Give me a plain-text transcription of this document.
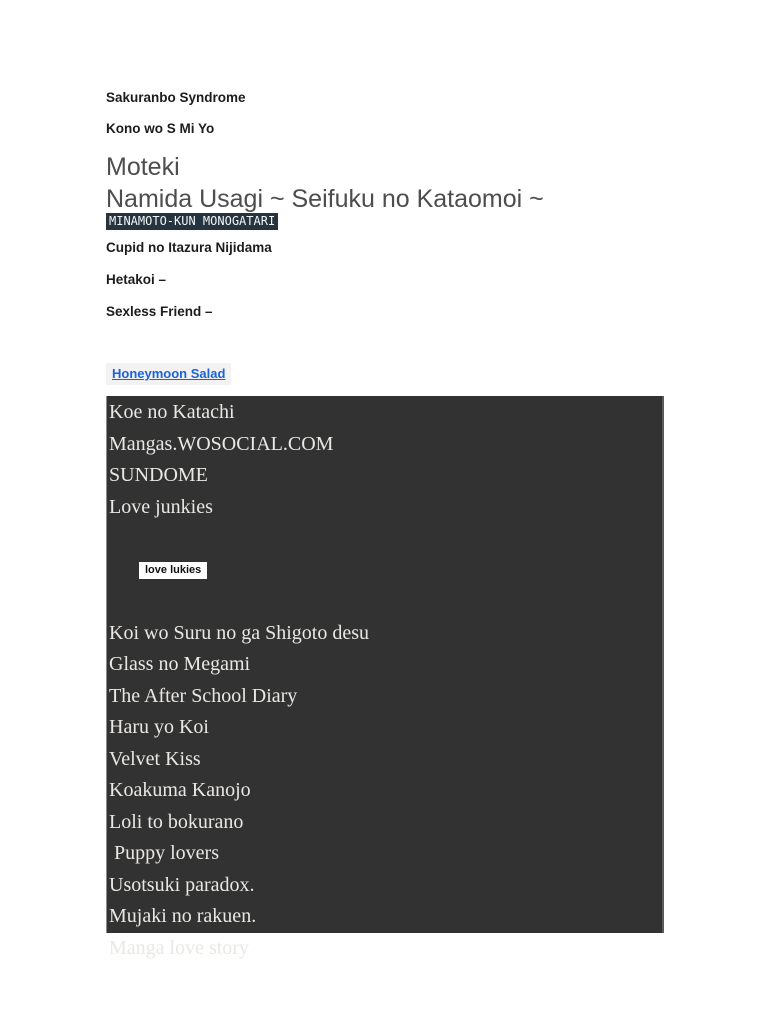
Sakuranbo Syndrome

Kono wo S Mi Yo

Moteki
Namida Usagi ~ Seifuku no Kataomoi ~
MINAMOTO-KUN MONOGATARI

Cupid no Itazura Nijidama

Hetakoi –

Sexless Friend –

Honeymoon Salad
Koe no Katachi
Mangas.WOSOCIAL.COM
SUNDOME
Love junkies

love lukies

Koi wo Suru no ga Shigoto desu
Glass no Megami
The After School Diary
Haru yo Koi
Velvet Kiss
Koakuma Kanojo
Loli to bokurano
Puppy lovers
Usotsuki paradox.
Mujaki no rakuen.
Manga love story
